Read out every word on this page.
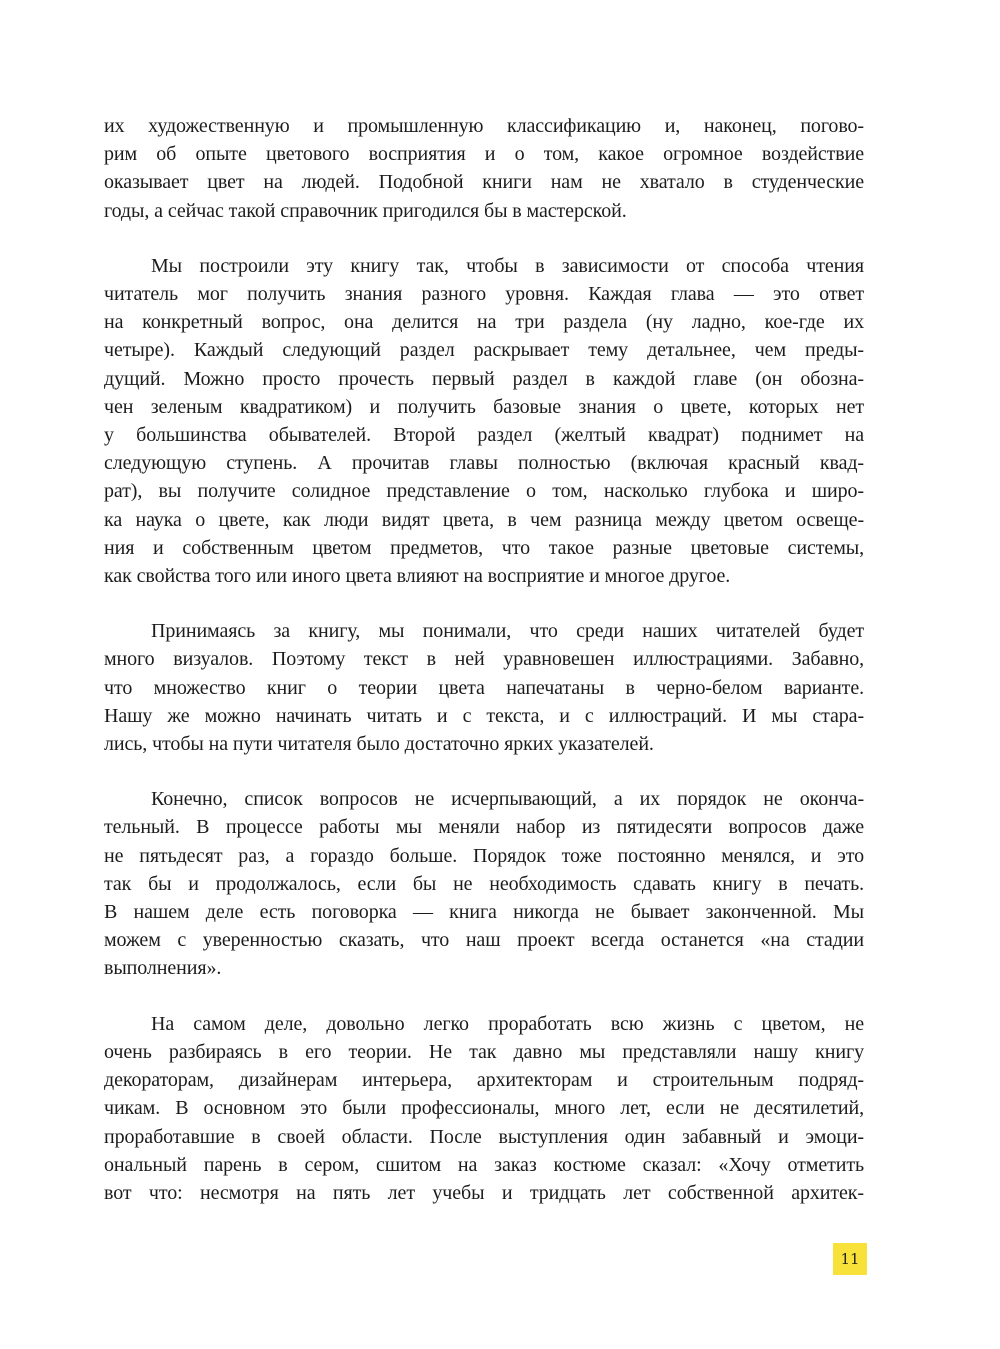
их художественную и промышленную классификацию и, наконец, погово-
рим об опыте цветового восприятия и о том, какое огромное воздействие
оказывает цвет на людей. Подобной книги нам не хватало в студенческие
годы, а сейчас такой справочник пригодился бы в мастерской.
Мы построили эту книгу так, чтобы в зависимости от способа чтения
читатель мог получить знания разного уровня. Каждая глава — это ответ
на конкретный вопрос, она делится на три раздела (ну ладно, кое-где их
четыре). Каждый следующий раздел раскрывает тему детальнее, чем преды-
дущий. Можно просто прочесть первый раздел в каждой главе (он обозна-
чен зеленым квадратиком) и получить базовые знания о цвете, которых нет
у большинства обывателей. Второй раздел (желтый квадрат) поднимет на
следующую ступень. А прочитав главы полностью (включая красный квад-
рат), вы получите солидное представление о том, насколько глубока и широ-
ка наука о цвете, как люди видят цвета, в чем разница между цветом освеще-
ния и собственным цветом предметов, что такое разные цветовые системы,
как свойства того или иного цвета влияют на восприятие и многое другое.
Принимаясь за книгу, мы понимали, что среди наших читателей будет
много визуалов. Поэтому текст в ней уравновешен иллюстрациями. Забавно,
что множество книг о теории цвета напечатаны в черно-белом варианте.
Нашу же можно начинать читать и с текста, и с иллюстраций. И мы стара-
лись, чтобы на пути читателя было достаточно ярких указателей.
Конечно, список вопросов не исчерпывающий, а их порядок не оконча-
тельный. В процессе работы мы меняли набор из пятидесяти вопросов даже
не пятьдесят раз, а гораздо больше. Порядок тоже постоянно менялся, и это
так бы и продолжалось, если бы не необходимость сдавать книгу в печать.
В нашем деле есть поговорка — книга никогда не бывает законченной. Мы
можем с уверенностью сказать, что наш проект всегда останется «на стадии
выполнения».
На самом деле, довольно легко проработать всю жизнь с цветом, не
очень разбираясь в его теории. Не так давно мы представляли нашу книгу
декораторам, дизайнерам интерьера, архитекторам и строительным подряд-
чикам. В основном это были профессионалы, много лет, если не десятилетий,
проработавшие в своей области. После выступления один забавный и эмоци-
ональный парень в сером, сшитом на заказ костюме сказал: «Хочу отметить
вот что: несмотря на пять лет учебы и тридцать лет собственной архитек-
11
